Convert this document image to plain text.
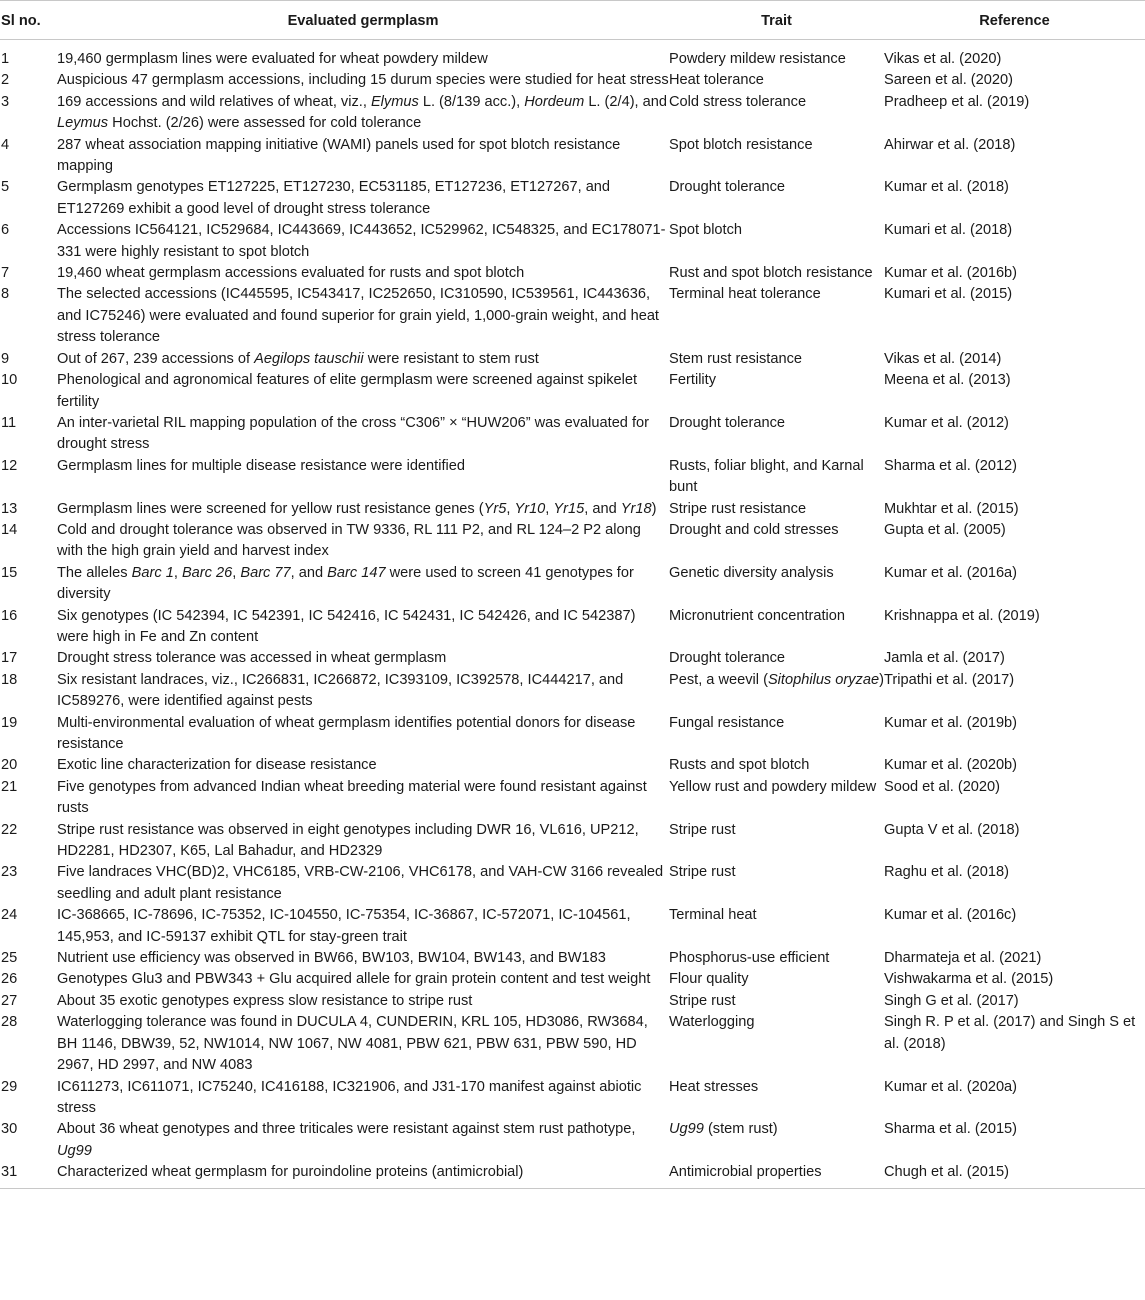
Sl no.	Evaluated germplasm	Trait	Reference
1	19,460 germplasm lines were evaluated for wheat powdery mildew	Powdery mildew resistance	Vikas et al. (2020)
2	Auspicious 47 germplasm accessions, including 15 durum species were studied for heat stress	Heat tolerance	Sareen et al. (2020)
3	169 accessions and wild relatives of wheat, viz., Elymus L. (8/139 acc.), Hordeum L. (2/4), and Leymus Hochst. (2/26) were assessed for cold tolerance	Cold stress tolerance	Pradheep et al. (2019)
4	287 wheat association mapping initiative (WAMI) panels used for spot blotch resistance mapping	Spot blotch resistance	Ahirwar et al. (2018)
5	Germplasm genotypes ET127225, ET127230, EC531185, ET127236, ET127267, and ET127269 exhibit a good level of drought stress tolerance	Drought tolerance	Kumar et al. (2018)
6	Accessions IC564121, IC529684, IC443669, IC443652, IC529962, IC548325, and EC178071-331 were highly resistant to spot blotch	Spot blotch	Kumari et al. (2018)
7	19,460 wheat germplasm accessions evaluated for rusts and spot blotch	Rust and spot blotch resistance	Kumar et al. (2016b)
8	The selected accessions (IC445595, IC543417, IC252650, IC310590, IC539561, IC443636, and IC75246) were evaluated and found superior for grain yield, 1,000-grain weight, and heat stress tolerance	Terminal heat tolerance	Kumari et al. (2015)
9	Out of 267, 239 accessions of Aegilops tauschii were resistant to stem rust	Stem rust resistance	Vikas et al. (2014)
10	Phenological and agronomical features of elite germplasm were screened against spikelet fertility	Fertility	Meena et al. (2013)
11	An inter-varietal RIL mapping population of the cross “C306” × “HUW206” was evaluated for drought stress	Drought tolerance	Kumar et al. (2012)
12	Germplasm lines for multiple disease resistance were identified	Rusts, foliar blight, and Karnal bunt	Sharma et al. (2012)
13	Germplasm lines were screened for yellow rust resistance genes (Yr5, Yr10, Yr15, and Yr18)	Stripe rust resistance	Mukhtar et al. (2015)
14	Cold and drought tolerance was observed in TW 9336, RL 111 P2, and RL 124–2 P2 along with the high grain yield and harvest index	Drought and cold stresses	Gupta et al. (2005)
15	The alleles Barc 1, Barc 26, Barc 77, and Barc 147 were used to screen 41 genotypes for diversity	Genetic diversity analysis	Kumar et al. (2016a)
16	Six genotypes (IC 542394, IC 542391, IC 542416, IC 542431, IC 542426, and IC 542387) were high in Fe and Zn content	Micronutrient concentration	Krishnappa et al. (2019)
17	Drought stress tolerance was accessed in wheat germplasm	Drought tolerance	Jamla et al. (2017)
18	Six resistant landraces, viz., IC266831, IC266872, IC393109, IC392578, IC444217, and IC589276, were identified against pests	Pest, a weevil (Sitophilus oryzae)	Tripathi et al. (2017)
19	Multi-environmental evaluation of wheat germplasm identifies potential donors for disease resistance	Fungal resistance	Kumar et al. (2019b)
20	Exotic line characterization for disease resistance	Rusts and spot blotch	Kumar et al. (2020b)
21	Five genotypes from advanced Indian wheat breeding material were found resistant against rusts	Yellow rust and powdery mildew	Sood et al. (2020)
22	Stripe rust resistance was observed in eight genotypes including DWR 16, VL616, UP212, HD2281, HD2307, K65, Lal Bahadur, and HD2329	Stripe rust	Gupta V et al. (2018)
23	Five landraces VHC(BD)2, VHC6185, VRB-CW-2106, VHC6178, and VAH-CW 3166 revealed seedling and adult plant resistance	Stripe rust	Raghu et al. (2018)
24	IC-368665, IC-78696, IC-75352, IC-104550, IC-75354, IC-36867, IC-572071, IC-104561, 145,953, and IC-59137 exhibit QTL for stay-green trait	Terminal heat	Kumar et al. (2016c)
25	Nutrient use efficiency was observed in BW66, BW103, BW104, BW143, and BW183	Phosphorus-use efficient	Dharmateja et al. (2021)
26	Genotypes Glu3 and PBW343 + Glu acquired allele for grain protein content and test weight	Flour quality	Vishwakarma et al. (2015)
27	About 35 exotic genotypes express slow resistance to stripe rust	Stripe rust	Singh G et al. (2017)
28	Waterlogging tolerance was found in DUCULA 4, CUNDERIN, KRL 105, HD3086, RW3684, BH 1146, DBW39, 52, NW1014, NW 1067, NW 4081, PBW 621, PBW 631, PBW 590, HD 2967, HD 2997, and NW 4083	Waterlogging	Singh R. P et al. (2017) and Singh S et al. (2018)
29	IC611273, IC611071, IC75240, IC416188, IC321906, and J31-170 manifest against abiotic stress	Heat stresses	Kumar et al. (2020a)
30	About 36 wheat genotypes and three triticales were resistant against stem rust pathotype, Ug99	Ug99 (stem rust)	Sharma et al. (2015)
31	Characterized wheat germplasm for puroindoline proteins (antimicrobial)	Antimicrobial properties	Chugh et al. (2015)
